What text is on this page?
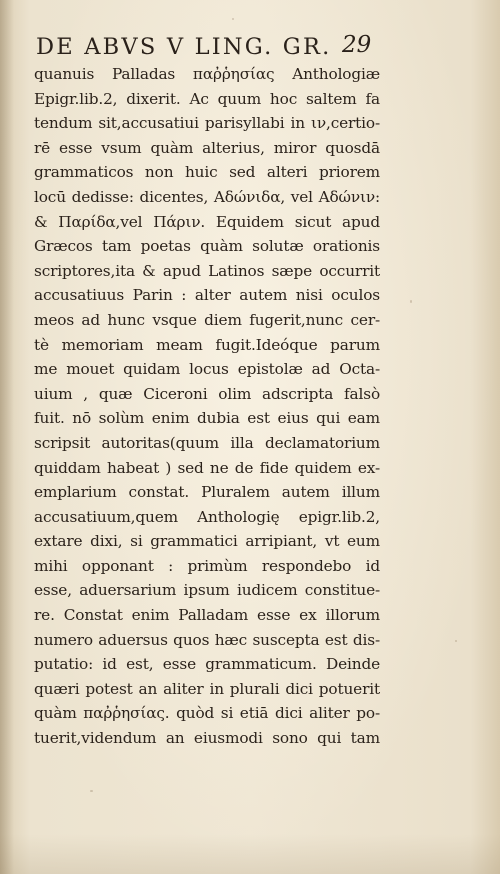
DE ABVS V LING. GR. 29
quanuis Palladas παῤῥησίας Anthologiæ
Epigr.lib.2, dixerit. Ac quum hoc saltem fa
tendum sit,accusatiui parisyllabi in ιν,certio-
rē esse vsum quàm alterius, miror quosdā
grammaticos non huic sed alteri priorem
locū dedisse: dicentes, Αδώνιδα, vel Αδώνιν:
& Παρίδα,vel Πάριν. Equidem sicut apud
Græcos tam poetas quàm solutæ orationis
scriptores,ita & apud Latinos sæpe occurrit
accusatiuus Parin : alter autem nisi oculos
meos ad hunc vsque diem fugerit,nunc cer-
tè memoriam meam fugit.Ideóque parum
me mouet quidam locus epistolæ ad Octa-
uium , quæ Ciceroni olim adscripta falsò
fuit. nō solùm enim dubia est eius qui eam
scripsit autoritas(quum illa declamatorium
quiddam habeat ) sed ne de fide quidem ex-
emplarium constat. Pluralem autem illum
accusatiuum,quem Anthologię epigr.lib.2,
extare dixi, si grammatici arripiant, vt eum
mihi opponant : primùm respondebo id
esse, aduersarium ipsum iudicem constitue-
re. Constat enim Palladam esse ex illorum
numero aduersus quos hæc suscepta est dis-
putatio: id est, esse grammaticum. Deinde
quæri potest an aliter in plurali dici potuerit
quàm παῤῥησίας. quòd si etiā dici aliter po-
tuerit,videndum an eiusmodi sono qui tam
